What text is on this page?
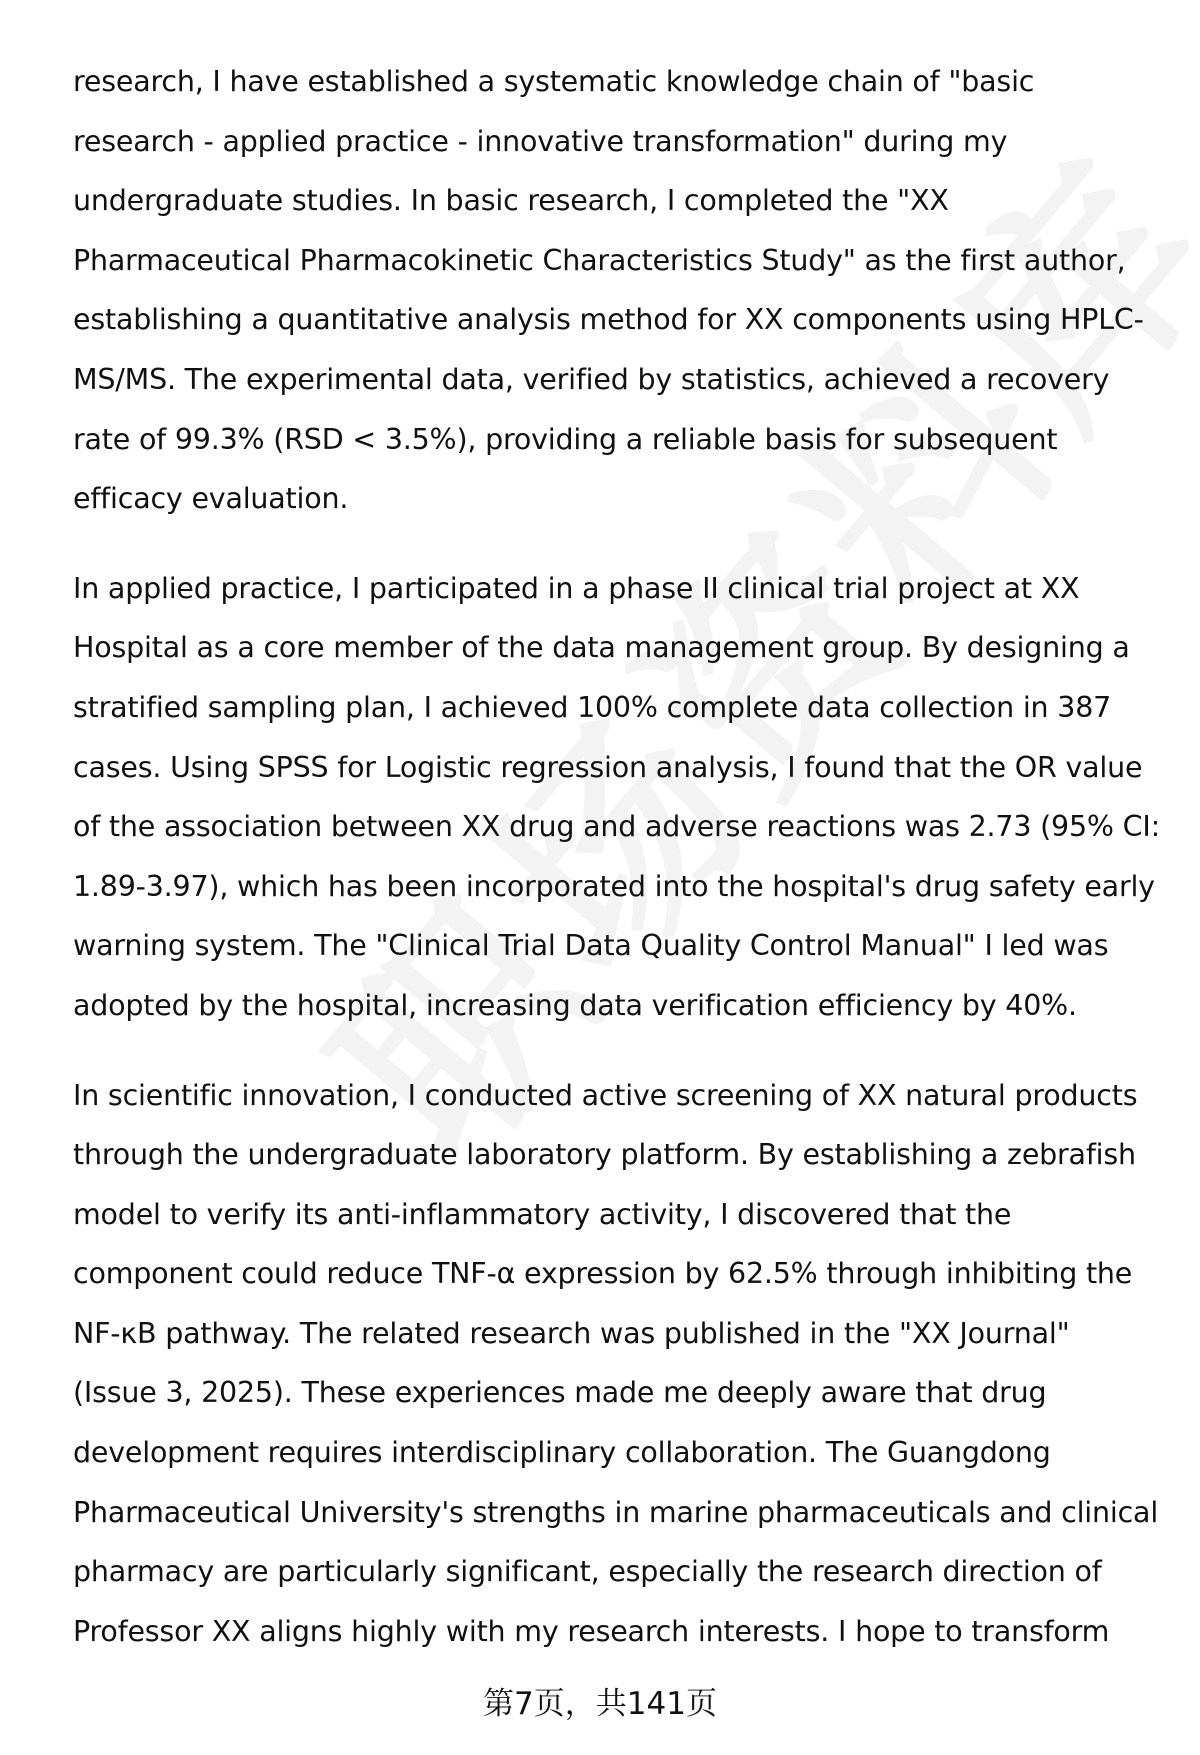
research, I have established a systematic knowledge chain of "basic
research - applied practice - innovative transformation" during my
undergraduate studies. In basic research, I completed the "XX
Pharmaceutical Pharmacokinetic Characteristics Study" as the first author,
establishing a quantitative analysis method for XX components using HPLC-
MS/MS. The experimental data, verified by statistics, achieved a recovery
rate of 99.3% (RSD < 3.5%), providing a reliable basis for subsequent
efficacy evaluation.

In applied practice, I participated in a phase II clinical trial project at XX
Hospital as a core member of the data management group. By designing a
stratified sampling plan, I achieved 100% complete data collection in 387
cases. Using SPSS for Logistic regression analysis, I found that the OR value
of the association between XX drug and adverse reactions was 2.73 (95% CI:
1.89-3.97), which has been incorporated into the hospital's drug safety early
warning system. The "Clinical Trial Data Quality Control Manual" I led was
adopted by the hospital, increasing data verification efficiency by 40%.

In scientific innovation, I conducted active screening of XX natural products
through the undergraduate laboratory platform. By establishing a zebrafish
model to verify its anti-inflammatory activity, I discovered that the
component could reduce TNF-α expression by 62.5% through inhibiting the
NF-κB pathway. The related research was published in the "XX Journal"
(Issue 3, 2025). These experiences made me deeply aware that drug
development requires interdisciplinary collaboration. The Guangdong
Pharmaceutical University's strengths in marine pharmaceuticals and clinical
pharmacy are particularly significant, especially the research direction of
Professor XX aligns highly with my research interests. I hope to transform

第7页，共141页
